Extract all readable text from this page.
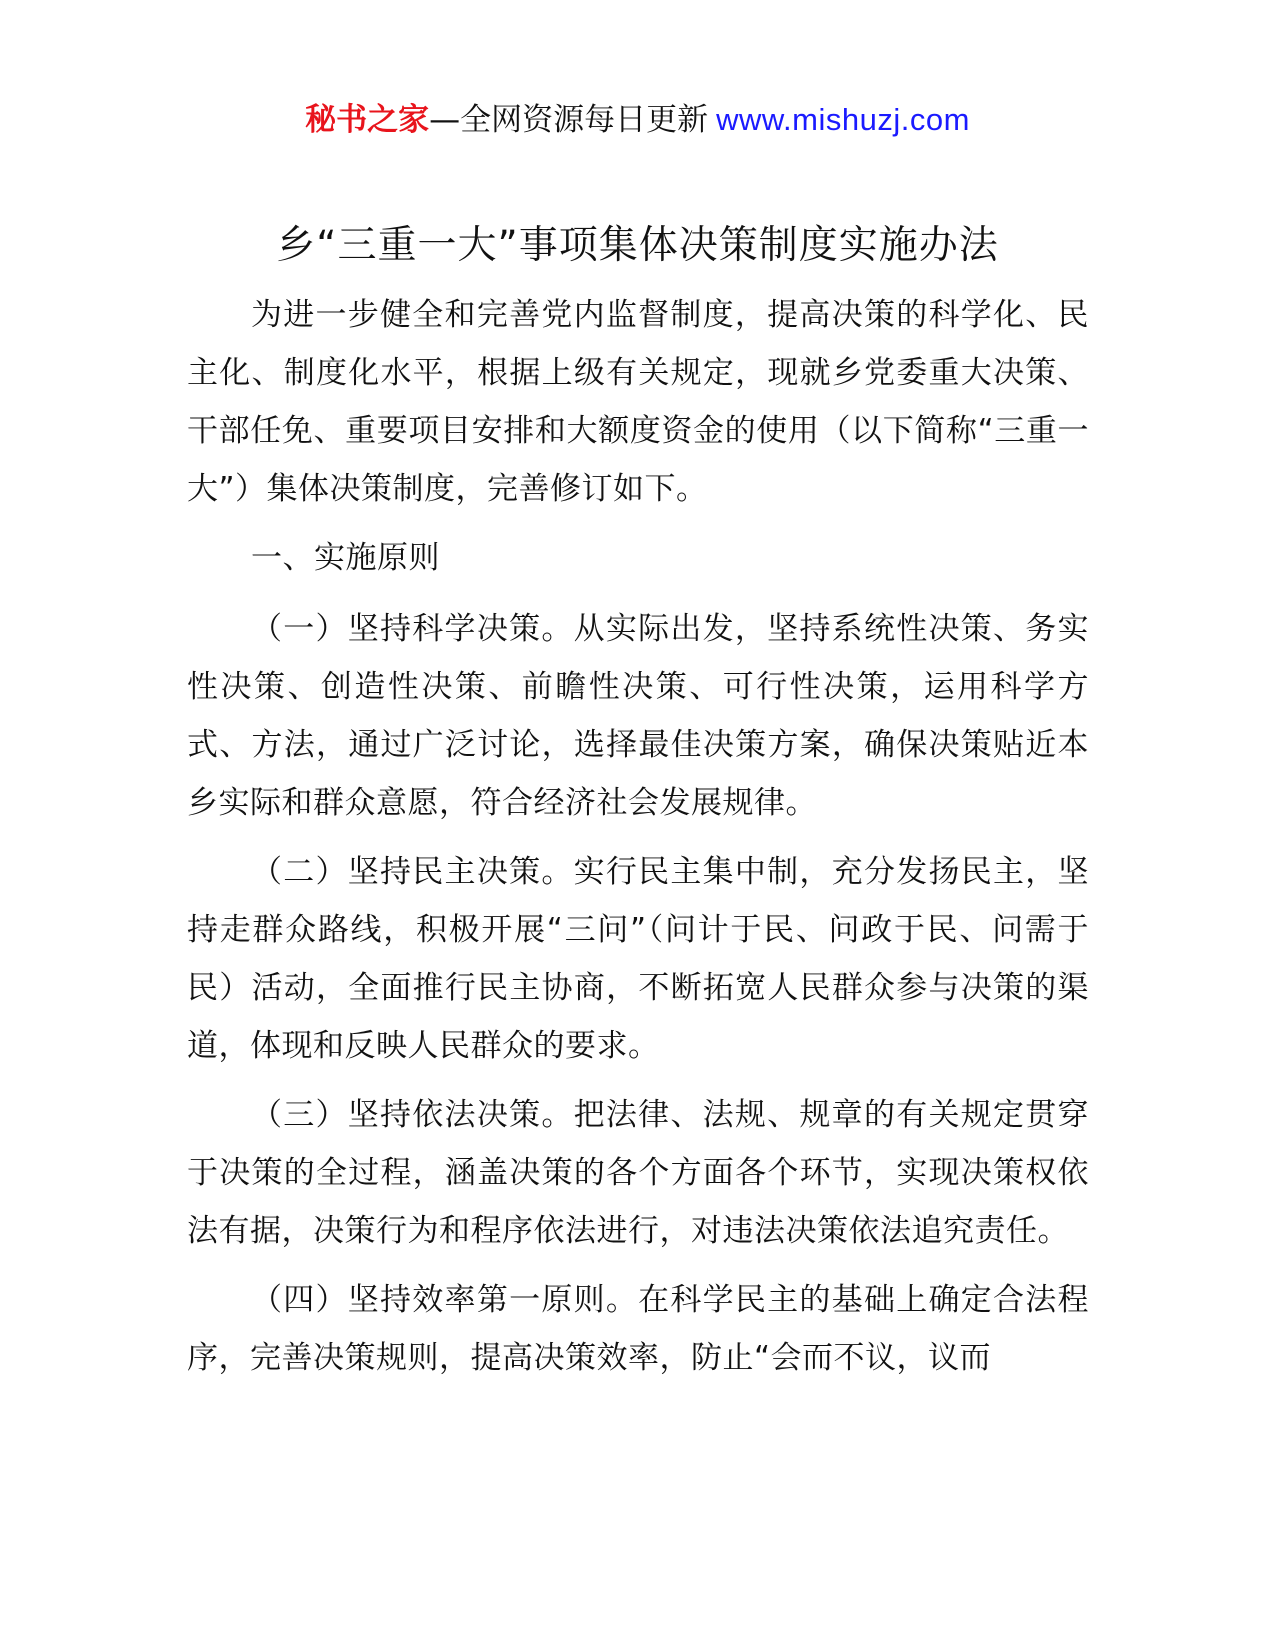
秘书之家—全网资源每日更新 www.mishuzj.com
乡“三重一大”事项集体决策制度实施办法

为进一步健全和完善党内监督制度，提高决策的科学化、民主化、制度化水平，根据上级有关规定，现就乡党委重大决策、干部任免、重要项目安排和大额度资金的使用（以下简称“三重一大”）集体决策制度，完善修订如下。

一、实施原则

（一）坚持科学决策。从实际出发，坚持系统性决策、务实性决策、创造性决策、前瞻性决策、可行性决策，运用科学方式、方法，通过广泛讨论，选择最佳决策方案，确保决策贴近本乡实际和群众意愿，符合经济社会发展规律。

（二）坚持民主决策。实行民主集中制，充分发扬民主，坚持走群众路线，积极开展“三问”（问计于民、问政于民、问需于民）活动，全面推行民主协商，不断拓宽人民群众参与决策的渠道，体现和反映人民群众的要求。

（三）坚持依法决策。把法律、法规、规章的有关规定贯穿于决策的全过程，涵盖决策的各个方面各个环节，实现决策权依法有据，决策行为和程序依法进行，对违法决策依法追究责任。

（四）坚持效率第一原则。在科学民主的基础上确定合法程序，完善决策规则，提高决策效率，防止“会而不议，议而
